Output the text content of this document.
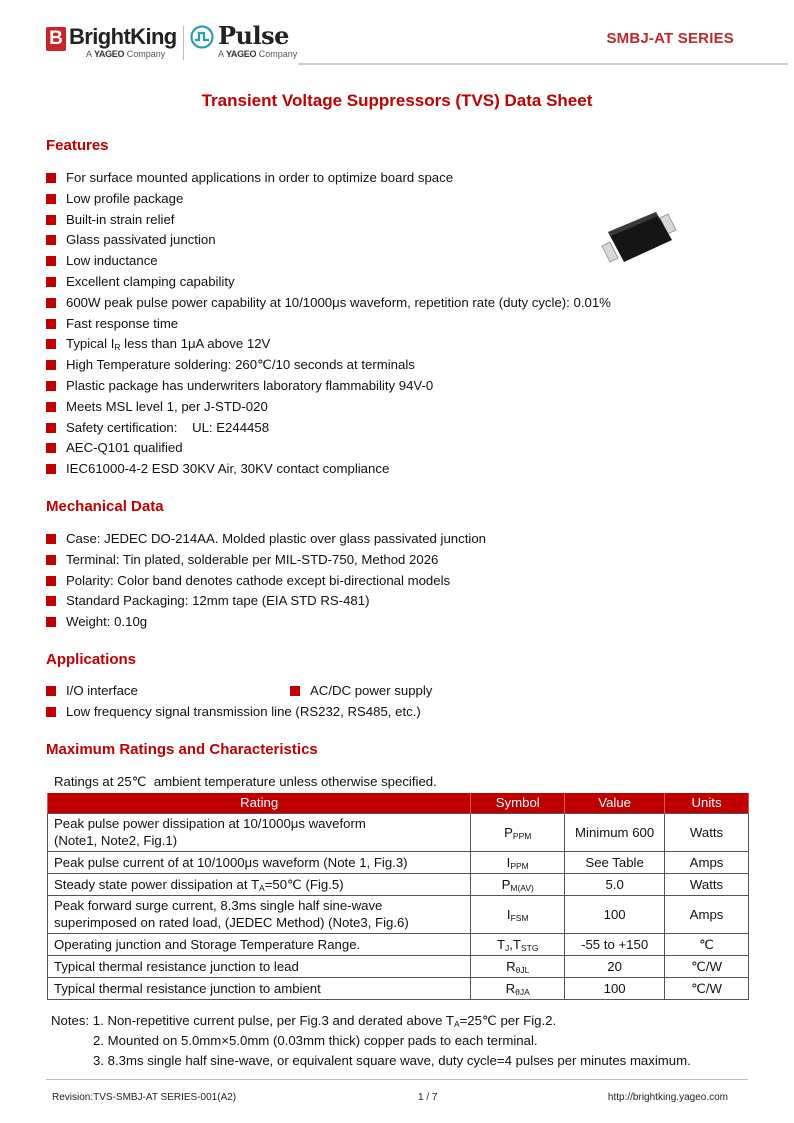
B BrightKing
A YAGEO Company
Pulse
A YAGEO Company
SMBJ-AT SERIES
Transient Voltage Suppressors (TVS) Data Sheet
Features
For surface mounted applications in order to optimize board space
Low profile package
Built-in strain relief
Glass passivated junction
Low inductance
Excellent clamping capability
600W peak pulse power capability at 10/1000μs waveform, repetition rate (duty cycle): 0.01%
Fast response time
Typical $I_R$ less than 1μA above 12V
High Temperature soldering: 260℃/10 seconds at terminals
Plastic package has underwriters laboratory flammability 94V-0
Meets MSL level 1, per J-STD-020
Safety certification:    UL: E244458
AEC-Q101 qualified
IEC61000-4-2 ESD 30KV Air, 30KV contact compliance
Mechanical Data
Case: JEDEC DO-214AA. Molded plastic over glass passivated junction
Terminal: Tin plated, solderable per MIL-STD-750, Method 2026
Polarity: Color band denotes cathode except bi-directional models
Standard Packaging: 12mm tape (EIA STD RS-481)
Weight: 0.10g
Applications
I/O interface	AC/DC power supply
Low frequency signal transmission line (RS232, RS485, etc.)
Maximum Ratings and Characteristics
Ratings at 25℃  ambient temperature unless otherwise specified.
Rating	Symbol	Value	Units
Peak pulse power dissipation at 10/1000μs waveform
(Note1, Note2, Fig.1)	$P_{PPM}$	Minimum 600	Watts
Peak pulse current of at 10/1000μs waveform (Note 1, Fig.3)	$I_{PPM}$	See Table	Amps
Steady state power dissipation at $T_A=50℃$ (Fig.5)	$P_{M(AV)}$	5.0	Watts
Peak forward surge current, 8.3ms single half sine-wave
superimposed on rated load, (JEDEC Method) (Note3, Fig.6)	$I_{FSM}$	100	Amps
Operating junction and Storage Temperature Range.	$T_J,T_{STG}$	-55 to +150	℃
Typical thermal resistance junction to lead	$R_{\theta JL}$	20	℃/W
Typical thermal resistance junction to ambient	$R_{\theta JA}$	100	℃/W
Notes: 1. Non-repetitive current pulse, per Fig.3 and derated above $T_A=25℃$ per Fig.2.
2. Mounted on 5.0mm×5.0mm (0.03mm thick) copper pads to each terminal.
3. 8.3ms single half sine-wave, or equivalent square wave, duty cycle=4 pulses per minutes maximum.
Revision:TVS-SMBJ-AT SERIES-001(A2)	1 / 7	http://brightking.yageo.com
